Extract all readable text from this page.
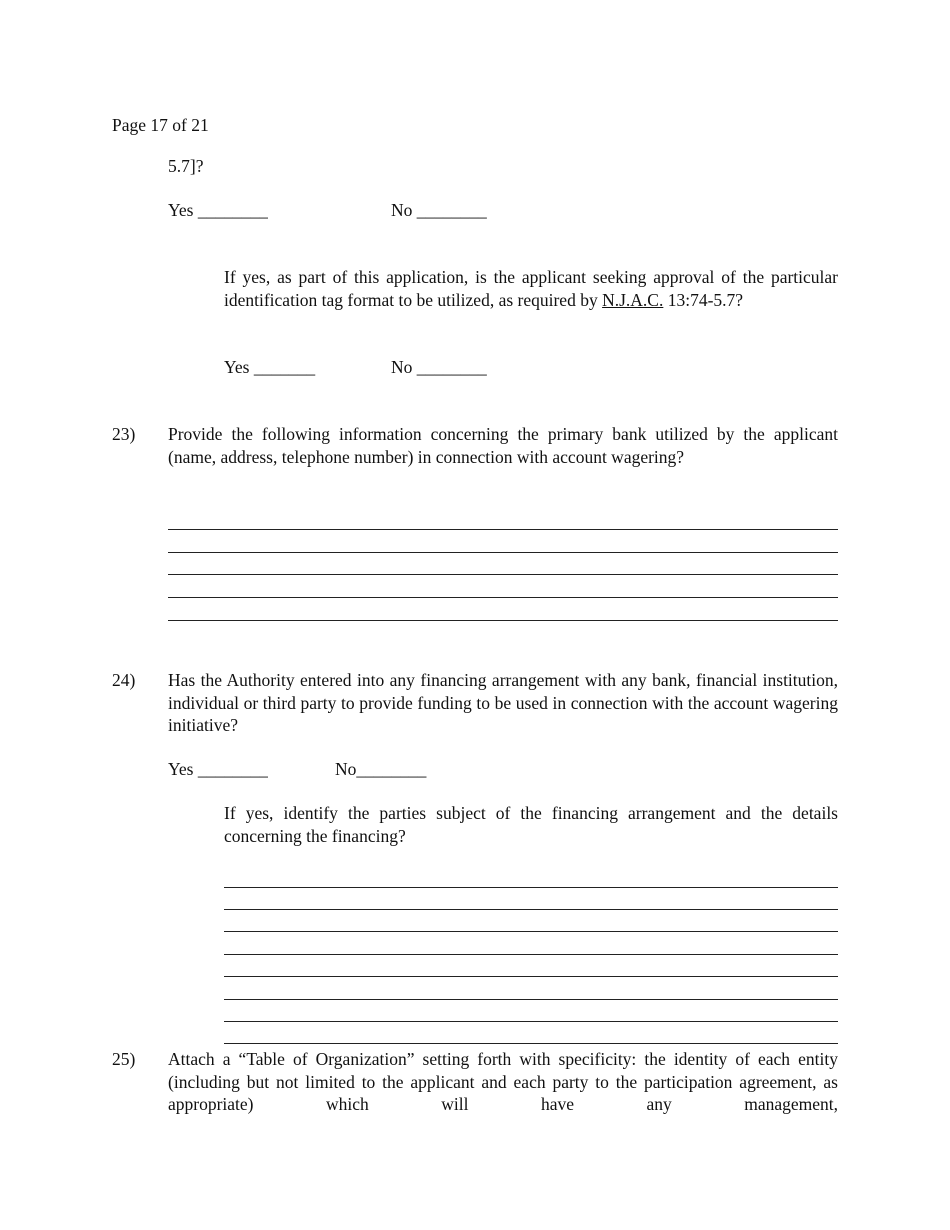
Page 17 of 21
5.7]?
Yes ________	No ________

If yes, as part of this application, is the applicant seeking approval of the particular identification tag format to be utilized, as required by N.J.A.C. 13:74-5.7?

Yes _______	No ________
23) Provide the following information concerning the primary bank utilized by the applicant (name, address, telephone number) in connection with account wagering?

24) Has the Authority entered into any financing arrangement with any bank, financial institution, individual or third party to provide funding to be used in connection with the account wagering initiative?

Yes ________	No________

If yes, identify the parties subject of the financing arrangement and the details concerning the financing?

25) Attach a “Table of Organization” setting forth with specificity: the identity of each entity (including but not limited to the applicant and each party to the participation agreement, as appropriate) which will have any management,
